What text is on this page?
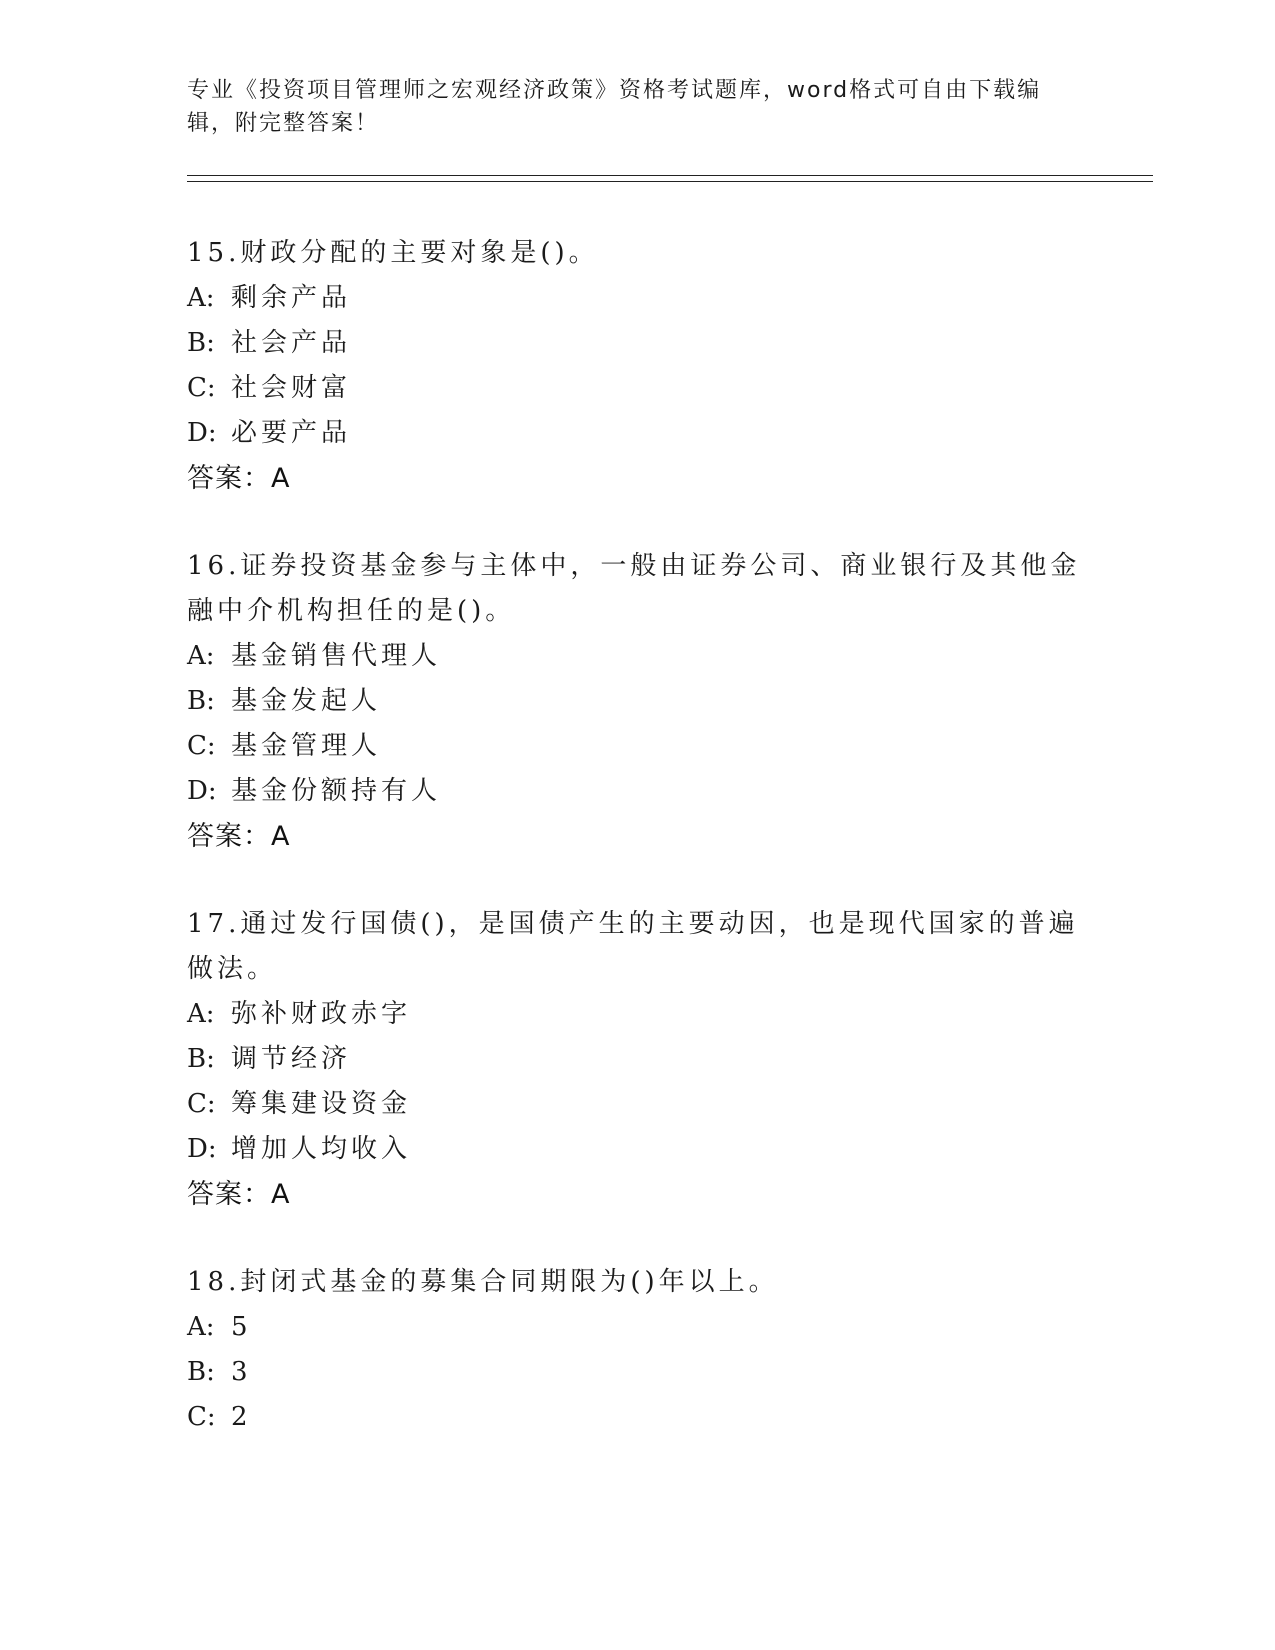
专业《投资项目管理师之宏观经济政策》资格考试题库，word格式可自由下载编辑，附完整答案！
15.财政分配的主要对象是()。
A: 剩余产品
B: 社会产品
C: 社会财富
D: 必要产品
答案：A
16.证券投资基金参与主体中，一般由证券公司、商业银行及其他金融中介机构担任的是()。
A: 基金销售代理人
B: 基金发起人
C: 基金管理人
D: 基金份额持有人
答案：A
17.通过发行国债()，是国债产生的主要动因，也是现代国家的普遍做法。
A: 弥补财政赤字
B: 调节经济
C: 筹集建设资金
D: 增加人均收入
答案：A
18.封闭式基金的募集合同期限为()年以上。
A: 5
B: 3
C: 2
